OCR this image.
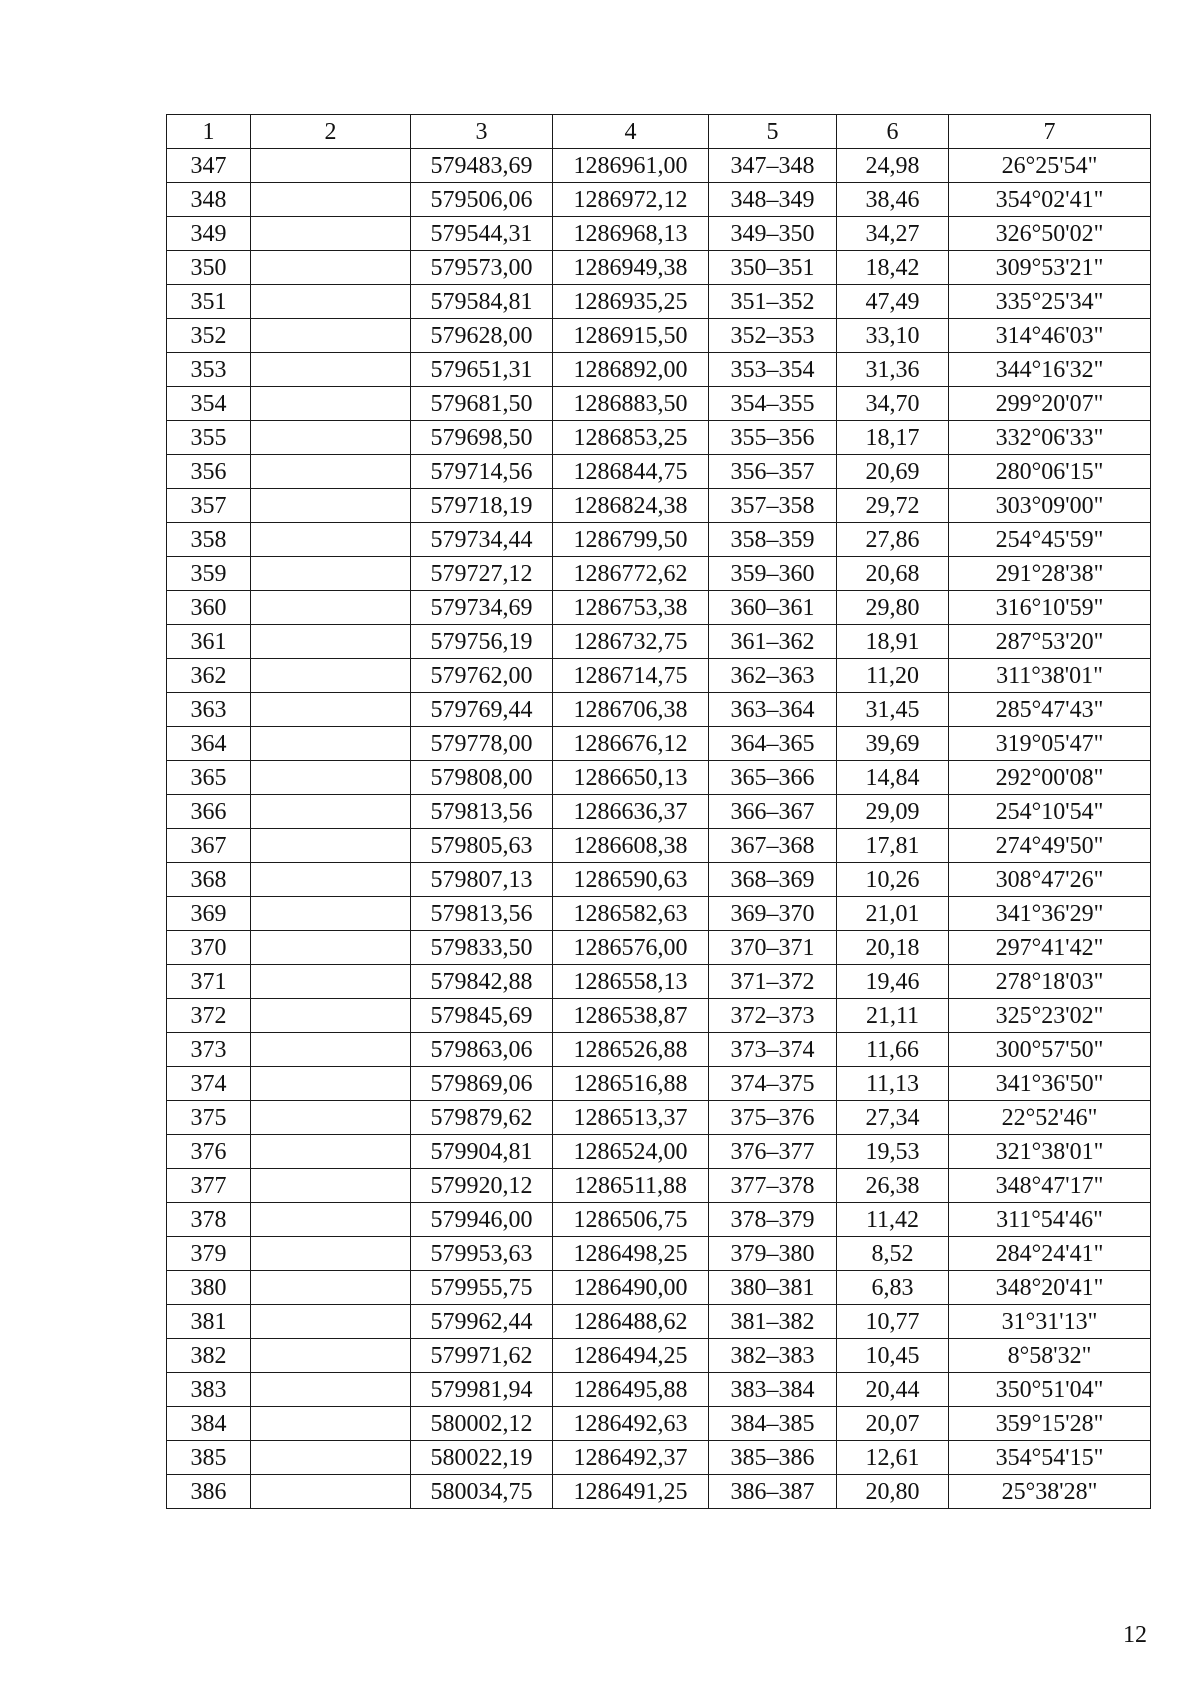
1	2	3	4	5	6	7
347		579483,69	1286961,00	347–348	24,98	26°25'54"
348		579506,06	1286972,12	348–349	38,46	354°02'41"
349		579544,31	1286968,13	349–350	34,27	326°50'02"
350		579573,00	1286949,38	350–351	18,42	309°53'21"
351		579584,81	1286935,25	351–352	47,49	335°25'34"
352		579628,00	1286915,50	352–353	33,10	314°46'03"
353		579651,31	1286892,00	353–354	31,36	344°16'32"
354		579681,50	1286883,50	354–355	34,70	299°20'07"
355		579698,50	1286853,25	355–356	18,17	332°06'33"
356		579714,56	1286844,75	356–357	20,69	280°06'15"
357		579718,19	1286824,38	357–358	29,72	303°09'00"
358		579734,44	1286799,50	358–359	27,86	254°45'59"
359		579727,12	1286772,62	359–360	20,68	291°28'38"
360		579734,69	1286753,38	360–361	29,80	316°10'59"
361		579756,19	1286732,75	361–362	18,91	287°53'20"
362		579762,00	1286714,75	362–363	11,20	311°38'01"
363		579769,44	1286706,38	363–364	31,45	285°47'43"
364		579778,00	1286676,12	364–365	39,69	319°05'47"
365		579808,00	1286650,13	365–366	14,84	292°00'08"
366		579813,56	1286636,37	366–367	29,09	254°10'54"
367		579805,63	1286608,38	367–368	17,81	274°49'50"
368		579807,13	1286590,63	368–369	10,26	308°47'26"
369		579813,56	1286582,63	369–370	21,01	341°36'29"
370		579833,50	1286576,00	370–371	20,18	297°41'42"
371		579842,88	1286558,13	371–372	19,46	278°18'03"
372		579845,69	1286538,87	372–373	21,11	325°23'02"
373		579863,06	1286526,88	373–374	11,66	300°57'50"
374		579869,06	1286516,88	374–375	11,13	341°36'50"
375		579879,62	1286513,37	375–376	27,34	22°52'46"
376		579904,81	1286524,00	376–377	19,53	321°38'01"
377		579920,12	1286511,88	377–378	26,38	348°47'17"
378		579946,00	1286506,75	378–379	11,42	311°54'46"
379		579953,63	1286498,25	379–380	8,52	284°24'41"
380		579955,75	1286490,00	380–381	6,83	348°20'41"
381		579962,44	1286488,62	381–382	10,77	31°31'13"
382		579971,62	1286494,25	382–383	10,45	8°58'32"
383		579981,94	1286495,88	383–384	20,44	350°51'04"
384		580002,12	1286492,63	384–385	20,07	359°15'28"
385		580022,19	1286492,37	385–386	12,61	354°54'15"
386		580034,75	1286491,25	386–387	20,80	25°38'28"
12
